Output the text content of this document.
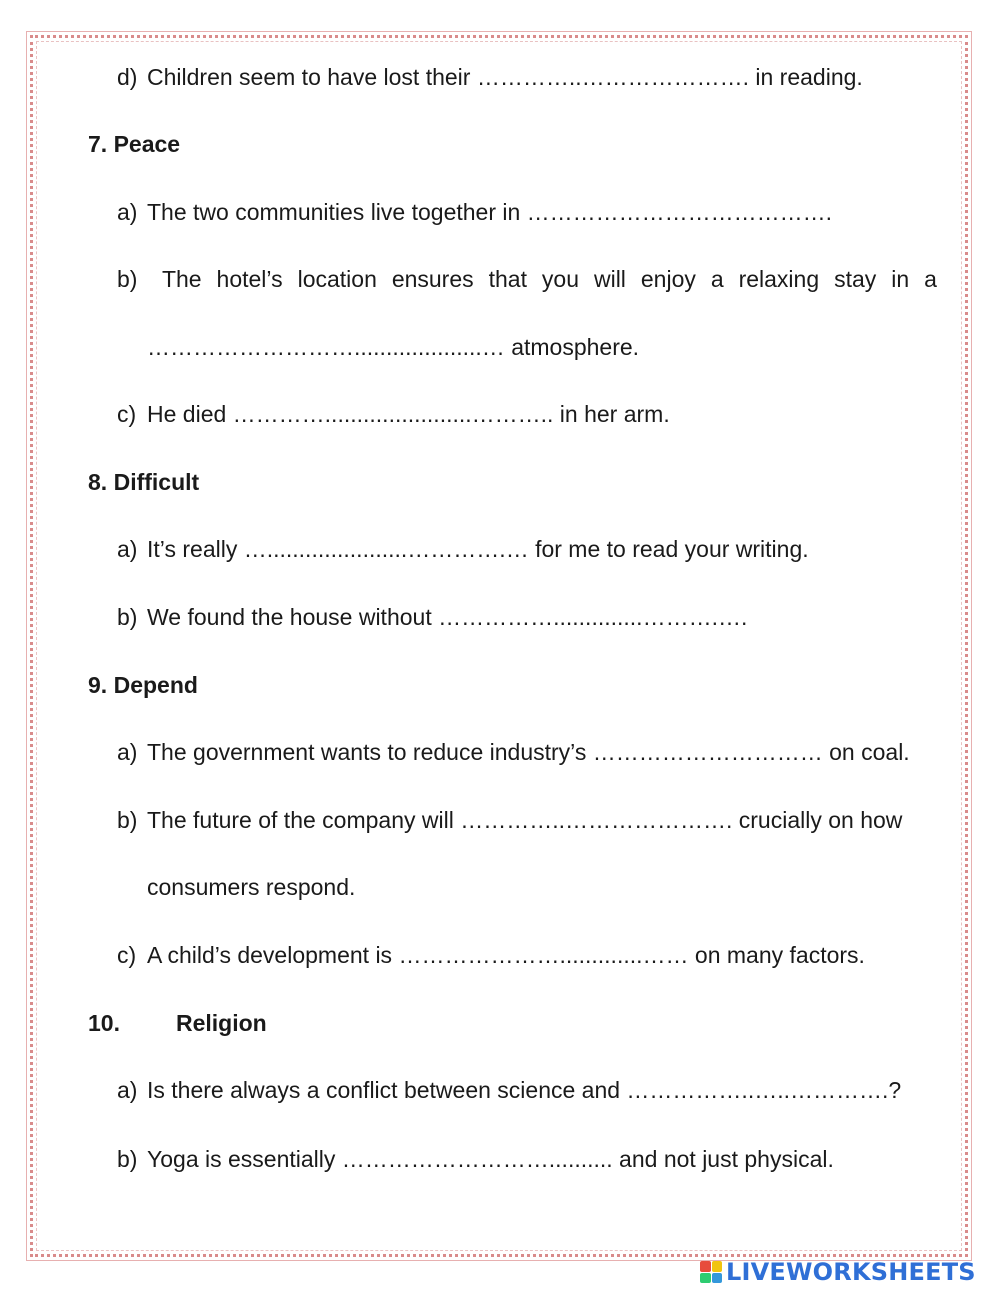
d) Children seem to have lost their …………..…………………. in reading.
7. Peace
a) The two communities live together in ………………………………….
b)	The hotel’s location ensures that you will enjoy a relaxing stay in a
………………………....................… atmosphere.
c) He died ………….......................……….. in her arm.
8. Difficult
a) It’s really …......................………….… for me to read your writing.
b) We found the house without ……………..............……….….
9. Depend
a) The government wants to reduce industry’s ………………………… on coal.
b) The future of the company will …………..…………………. crucially on how
consumers respond.
c) A child’s development is ………………….............…… on many factors.
10. Religion
a) Is there always a conflict between science and ……………..…..………….?
b) Yoga is essentially ……………………….......... and not just physical.
LIVEWORKSHEETS
